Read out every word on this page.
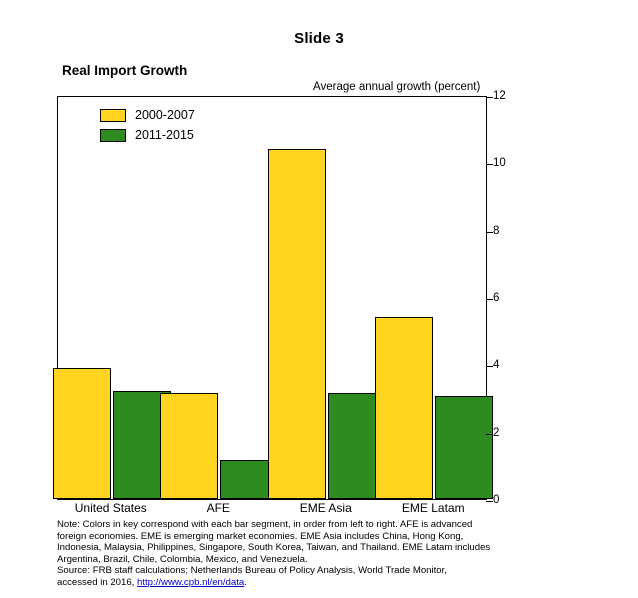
Slide 3
Real Import Growth
Average annual growth (percent)
0
2
4
6
8
10
12
2000-2007
2011-2015
United States	AFE	EME Asia	EME Latam
Note: Colors in key correspond with each bar segment, in order from left to right. AFE is advanced
foreign economies. EME is emerging market economies. EME Asia includes China, Hong Kong,
Indonesia, Malaysia, Philippines, Singapore, South Korea, Taiwan, and Thailand. EME Latam includes
Argentina, Brazil, Chile, Colombia, Mexico, and Venezuela.
Source: FRB staff calculations; Netherlands Bureau of Policy Analysis, World Trade Monitor,
accessed in 2016, http://www.cpb.nl/en/data.
